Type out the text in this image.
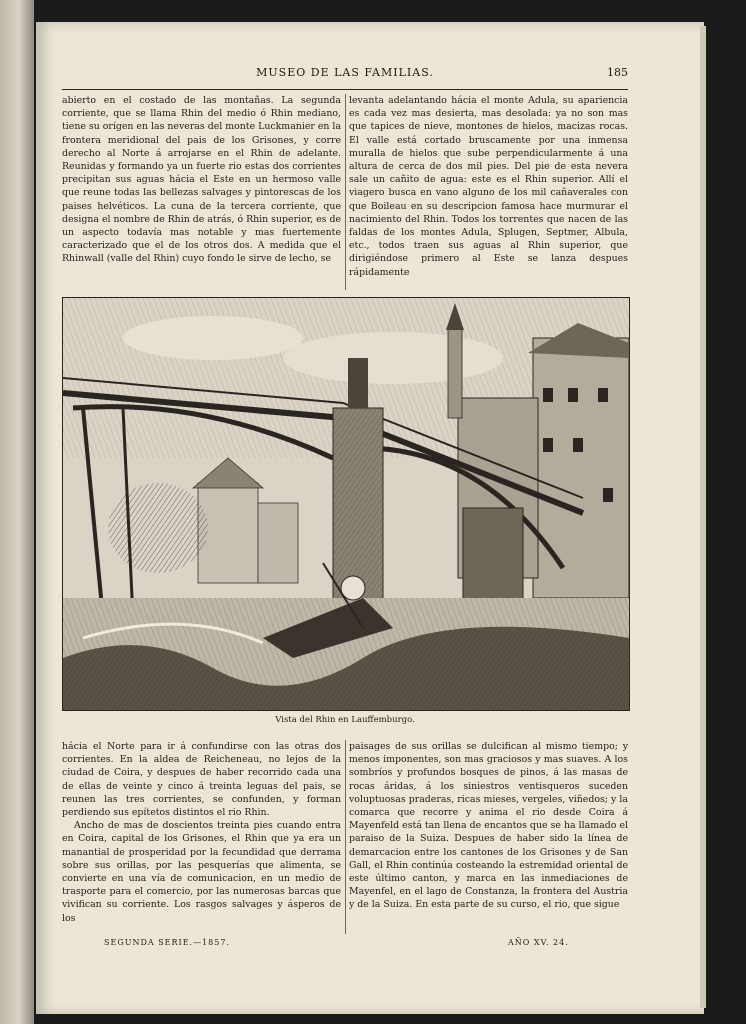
MUSEO DE LAS FAMILIAS.	185

abierto en el costado de las montañas. La segunda corriente, que se llama Rhin del medio ó Rhin mediano, tiene su orígen en las neveras del monte Luckmanier en la frontera meridional del pais de los Grisones, y corre derecho al Norte á arrojarse en el Rhin de adelante. Reunidas y formando ya un fuerte rio estas dos corrientes precipitan sus aguas hácia el Este en un hermoso valle que reune todas las bellezas salvages y pintorescas de los paises helvéticos. La cuna de la tercera corriente, que designa el nombre de Rhin de atrás, ó Rhin superior, es de un aspecto todavía mas notable y mas fuertemente caracterizado que el de los otros dos. A medida que el Rhinwall (valle del Rhin) cuyo fondo le sirve de lecho, se

levanta adelantando hácia el monte Adula, su apariencia es cada vez mas desierta, mas desolada: ya no son mas que tapices de nieve, montones de hielos, macizas rocas. El valle está cortado bruscamente por una inmensa muralla de hielos que sube perpendicularmente á una altura de cerca de dos mil pies. Del pie de esta nevera sale un cañito de agua: este es el Rhin superior. Allí el viagero busca en vano alguno de los mil cañaverales con que Boileau en su descripcion famosa hace murmurar el nacimiento del Rhin. Todos los torrentes que nacen de las faldas de los montes Adula, Splugen, Septmer, Albula, etc., todos traen sus aguas al Rhin superior, que dirigiéndose primero al Este se lanza despues rápidamente

Vista del Rhin en Lauffemburgo.

hácia el Norte para ir á confundirse con las otras dos corrientes. En la aldea de Reicheneau, no lejos de la ciudad de Coira, y despues de haber recorrido cada una de ellas de veinte y cinco á treinta leguas del pais, se reunen las tres corrientes, se confunden, y forman perdiendo sus epítetos distintos el rio Rhin.

Ancho de mas de doscientos treinta pies cuando entra en Coira, capital de los Grisones, el Rhin que ya era un manantial de prosperidad por la fecundidad que derrama sobre sus orillas, por las pesquerías que alimenta, se convierte en una vía de comunicacion, en un medio de trasporte para el comercio, por las numerosas barcas que vivifican su corriente. Los rasgos salvages y ásperos de los

paisages de sus orillas se dulcifican al mismo tiempo; y menos imponentes, son mas graciosos y mas suaves. A los sombríos y profundos bosques de pinos, á las masas de rocas áridas, á los siniestros ventisqueros suceden voluptuosas praderas, ricas mieses, vergeles, viñedos; y la comarca que recorre y anima el rio desde Coira á Mayenfeld está tan llena de encantos que se ha llamado el paraiso de la Suiza. Despues de haber sido la línea de demarcacion entre los cantones de los Grisones y de San Gall, el Rhin continúa costeando la estremidad oriental de este último canton, y marca en las inmediaciones de Mayenfel, en el lago de Constanza, la frontera del Austria y de la Suiza. En esta parte de su curso, el rio, que sigue

SEGUNDA SERIE.—1857.	AÑO XV. 24.
